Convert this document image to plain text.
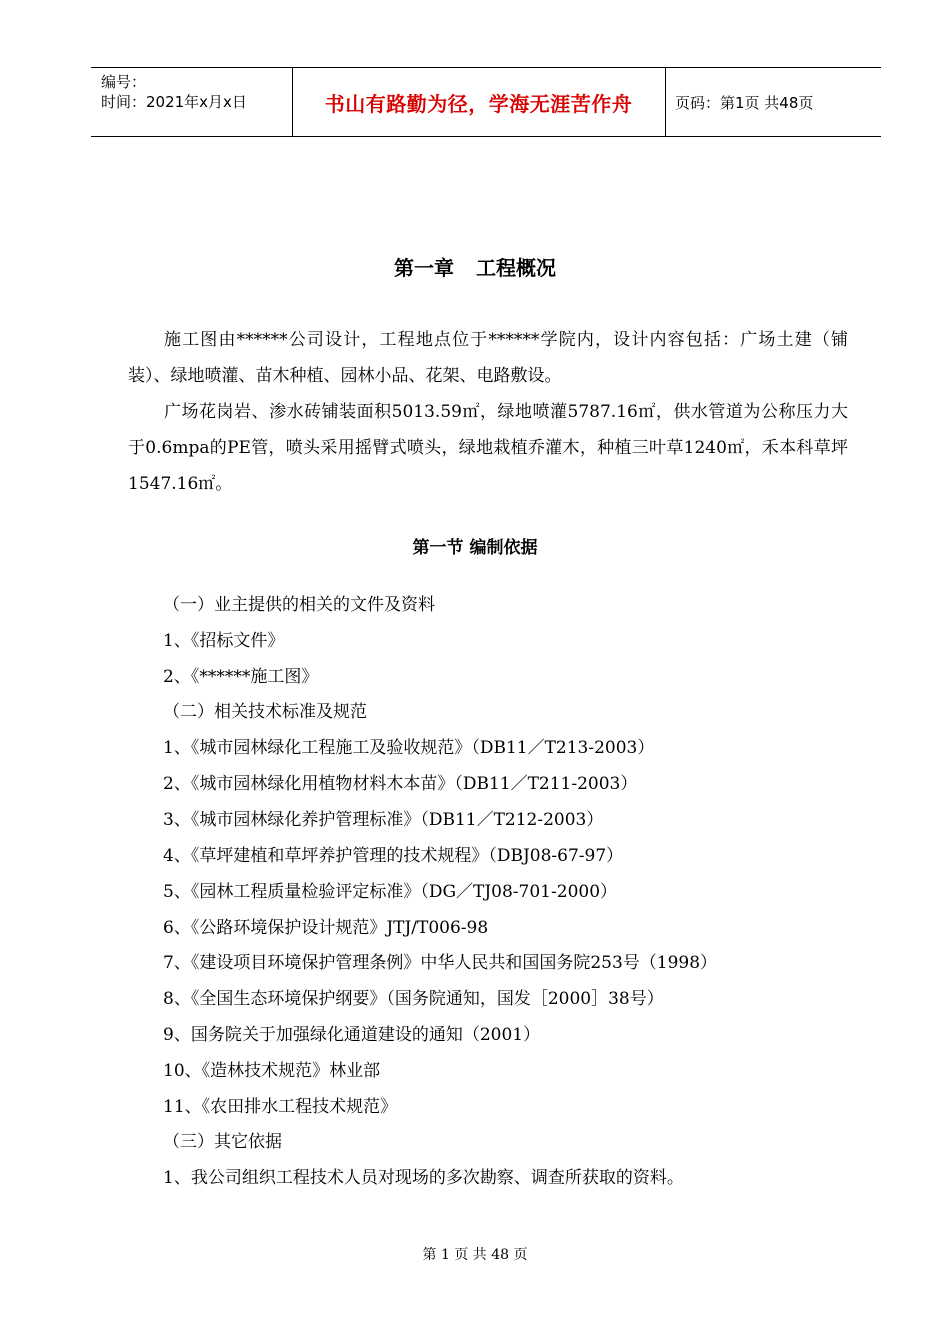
编号：
时间：2021年x月x日	书山有路勤为径，学海无涯苦作舟	页码：第1页 共48页
第一章 工程概况
施工图由******公司设计，工程地点位于******学院内，设计内容包括：广场土建（铺装）、绿地喷灌、苗木种植、园林小品、花架、电路敷设。
广场花岗岩、渗水砖铺装面积5013.59㎡，绿地喷灌5787.16㎡，供水管道为公称压力大于0.6mpa的PE管，喷头采用摇臂式喷头，绿地栽植乔灌木，种植三叶草1240㎡，禾本科草坪1547.16㎡。
第一节 编制依据
（一）业主提供的相关的文件及资料
1、《招标文件》
2、《******施工图》
（二）相关技术标准及规范
1、《城市园林绿化工程施工及验收规范》（DB11／T213-2003）
2、《城市园林绿化用植物材料木本苗》（DB11／T211-2003）
3、《城市园林绿化养护管理标准》（DB11／T212-2003）
4、《草坪建植和草坪养护管理的技术规程》（DBJ08-67-97）
5、《园林工程质量检验评定标准》（DG／TJ08-701-2000）
6、《公路环境保护设计规范》JTJ/T006-98
7、《建设项目环境保护管理条例》中华人民共和国国务院253号（1998）
8、《全国生态环境保护纲要》（国务院通知，国发［2000］38号）
9、国务院关于加强绿化通道建设的通知（2001）
10、《造林技术规范》林业部
11、《农田排水工程技术规范》
（三）其它依据
1、我公司组织工程技术人员对现场的多次勘察、调查所获取的资料。
第 1 页 共 48 页
